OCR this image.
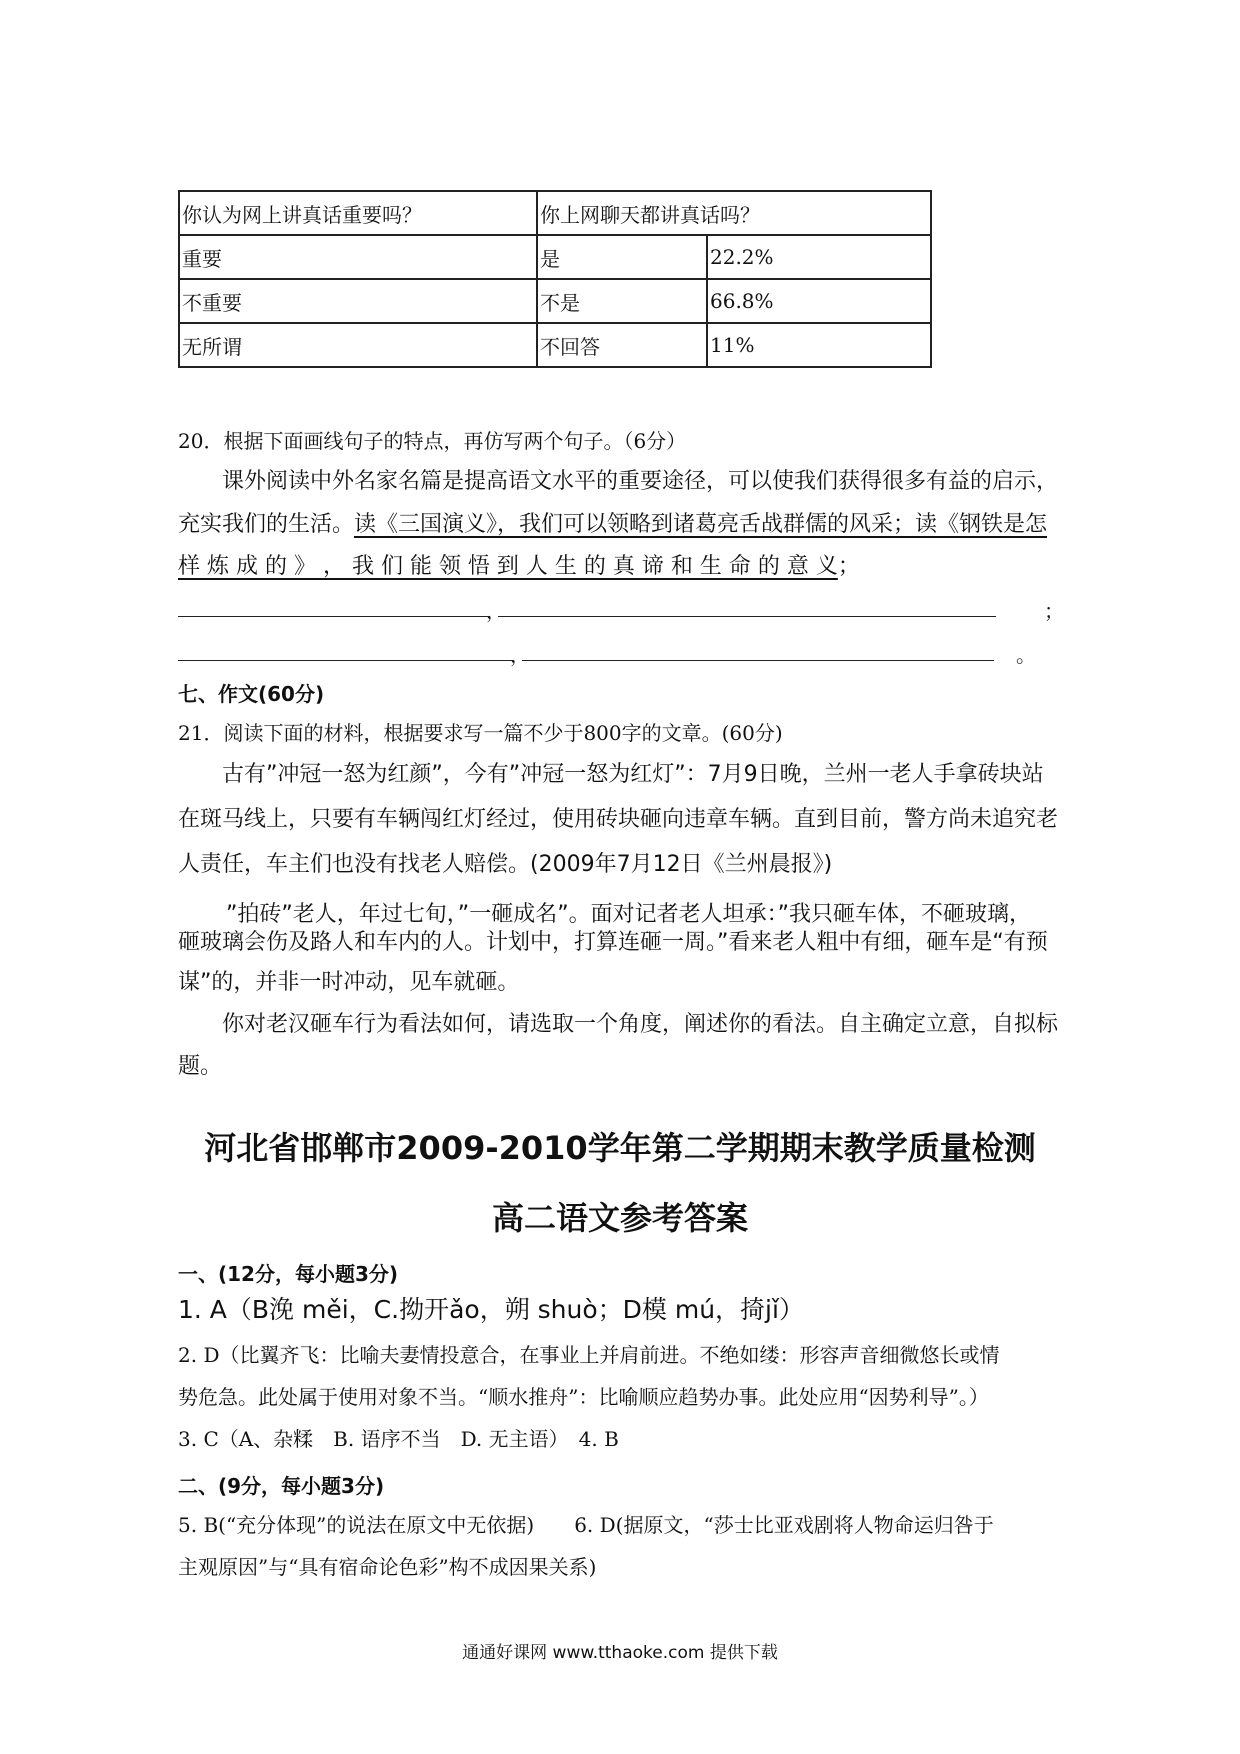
你认为网上讲真话重要吗？	你上网聊天都讲真话吗？	
重要	是	22.2%
不重要	不是	66.8%
无所谓	不回答	11%
20．根据下面画线句子的特点，再仿写两个句子。（6分）
课外阅读中外名家名篇是提高语文水平的重要途径，可以使我们获得很多有益的启示，
充实我们的生活。读《三国演义》，我们可以领略到诸葛亮舌战群儒的风采；读《钢铁是怎
样 炼 成 的 》 ， 我 们 能 领 悟 到 人 生 的 真 谛 和 生 命 的 意 义；
，	；
，	。
七、作文(60分)
21．阅读下面的材料，根据要求写一篇不少于800字的文章。(60分)
古有”冲冠一怒为红颜”，今有”冲冠一怒为红灯”：7月9日晚，兰州一老人手拿砖块站
在斑马线上，只要有车辆闯红灯经过，使用砖块砸向违章车辆。直到目前，警方尚未追究老
人责任，车主们也没有找老人赔偿。(2009年7月12日《兰州晨报》)
”拍砖”老人，年过七旬，”一砸成名”。面对记者老人坦承：”我只砸车体，不砸玻璃，
砸玻璃会伤及路人和车内的人。计划中，打算连砸一周。”看来老人粗中有细，砸车是“有预
谋”的，并非一时冲动，见车就砸。
你对老汉砸车行为看法如何，请选取一个角度，阐述你的看法。自主确定立意，自拟标
题。
河北省邯郸市2009-2010学年第二学期期末教学质量检测
高二语文参考答案
一、(12分，每小题3分)
1. A（B浼 měi，C.拗开ǎo，朔 shuò；D模 mú，掎jǐ）
2. D（比翼齐飞：比喻夫妻情投意合，在事业上并肩前进。不绝如缕：形容声音细微悠长或情
势危急。此处属于使用对象不当。“顺水推舟”：比喻顺应趋势办事。此处应用“因势利导”。）
3. C（A、杂糅　B. 语序不当　D. 无主语）　4. B
二、(9分，每小题3分)
5. B(“充分体现”的说法在原文中无依据)　　6. D(据原文，“莎士比亚戏剧将人物命运归咎于
主观原因”与“具有宿命论色彩”构不成因果关系)
通通好课网 www.tthaoke.com 提供下载
